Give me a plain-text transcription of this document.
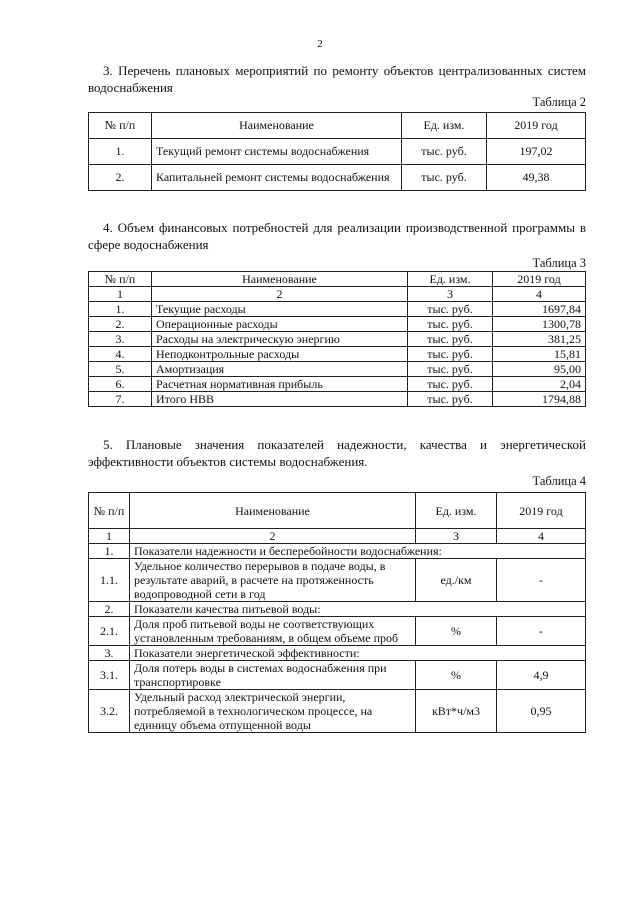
2

3. Перечень плановых мероприятий по ремонту объектов централизованных систем водоснабжения

Таблица 2
№ п/п	Наименование	Ед. изм.	2019 год
1.	Текущий ремонт системы водоснабжения	тыс. руб.	197,02
2.	Капитальней ремонт системы водоснабжения	тыс. руб.	49,38

4. Объем финансовых потребностей для реализации производственной программы в сфере водоснабжения

Таблица 3
№ п/п	Наименование	Ед. изм.	2019 год
1	2	3	4
1.	Текущие расходы	тыс. руб.	1697,84
2.	Операционные расходы	тыс. руб.	1300,78
3.	Расходы на электрическую энергию	тыс. руб.	381,25
4.	Неподконтрольные расходы	тыс. руб.	15,81
5.	Амортизация	тыс. руб.	95,00
6.	Расчетная нормативная прибыль	тыс. руб.	2,04
7.	Итого НВВ	тыс. руб.	1794,88

5. Плановые значения показателей надежности, качества и энергетической эффективности объектов системы водоснабжения.

Таблица 4
№ п/п	Наименование	Ед. изм.	2019 год
1	2	3	4
1.	Показатели надежности и бесперебойности водоснабжения:		
1.1.	Удельное количество перерывов в подаче воды, в результате аварий, в расчете на протяженность водопроводной сети в год	ед./км	-
2.	Показатели качества питьевой воды:		
2.1.	Доля проб питьевой воды не соответствующих установленным требованиям, в общем объеме проб	%	-
3.	Показатели энергетической эффективности:		
3.1.	Доля потерь воды в системах водоснабжения при транспортировке	%	4,9
3.2.	Удельный расход электрической энергии, потребляемой в технологическом процессе, на единицу объема отпущенной воды	кВт*ч/м3	0,95
